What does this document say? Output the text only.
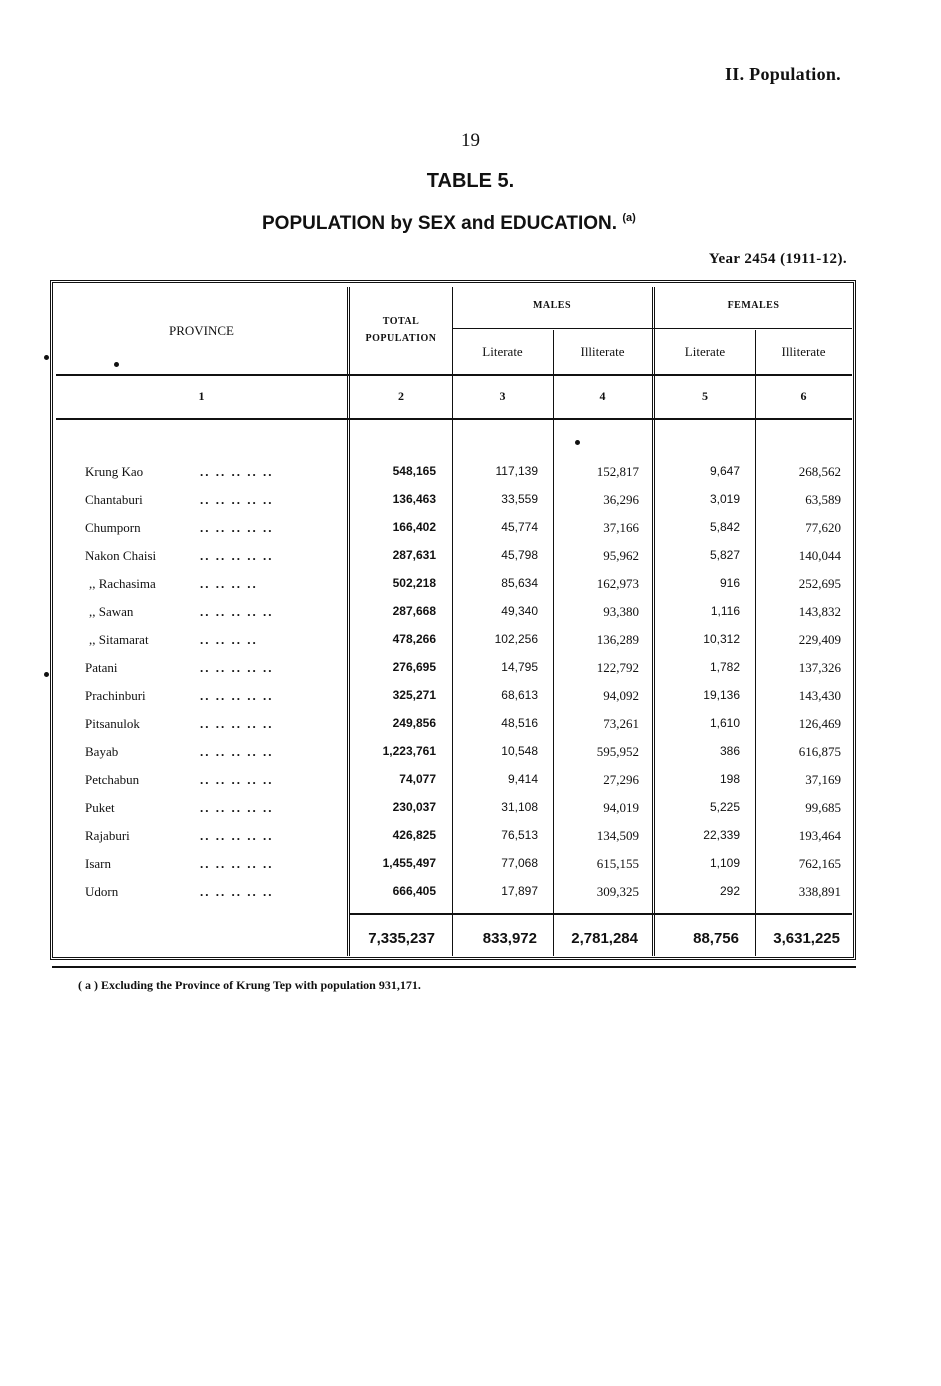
II. Population.
19
TABLE 5.
POPULATION by SEX and EDUCATION. $^{(a)}$
Year 2454 (1911-12).
PROVINCE
TOTAL
POPULATION
MALES	FEMALES
Literate	Illiterate	Literate	Illiterate
1	2	3	4	5	6
Krung Kao	.. .. .. .. ..	548,165	117,139	152,817	9,647	268,562
Chantaburi	.. .. .. .. ..	136,463	33,559	36,296	3,019	63,589
Chumporn	.. .. .. .. ..	166,402	45,774	37,166	5,842	77,620
Nakon Chaisi	.. .. .. .. ..	287,631	45,798	95,962	5,827	140,044
,, Rachasima	.. .. .. ..	502,218	85,634	162,973	916	252,695
,, Sawan	.. .. .. .. ..	287,668	49,340	93,380	1,116	143,832
,, Sitamarat	.. .. .. ..	478,266	102,256	136,289	10,312	229,409
Patani	.. .. .. .. ..	276,695	14,795	122,792	1,782	137,326
Prachinburi	.. .. .. .. ..	325,271	68,613	94,092	19,136	143,430
Pitsanulok	.. .. .. .. ..	249,856	48,516	73,261	1,610	126,469
Bayab	.. .. .. .. ..	1,223,761	10,548	595,952	386	616,875
Petchabun	.. .. .. .. ..	74,077	9,414	27,296	198	37,169
Puket	.. .. .. .. ..	230,037	31,108	94,019	5,225	99,685
Rajaburi	.. .. .. .. ..	426,825	76,513	134,509	22,339	193,464
Isarn	.. .. .. .. ..	1,455,497	77,068	615,155	1,109	762,165
Udorn	.. .. .. .. ..	666,405	17,897	309,325	292	338,891
7,335,237	833,972 2,781,284	88,756 3,631,225
( a ) Excluding the Province of Krung Tep with population 931,171.
